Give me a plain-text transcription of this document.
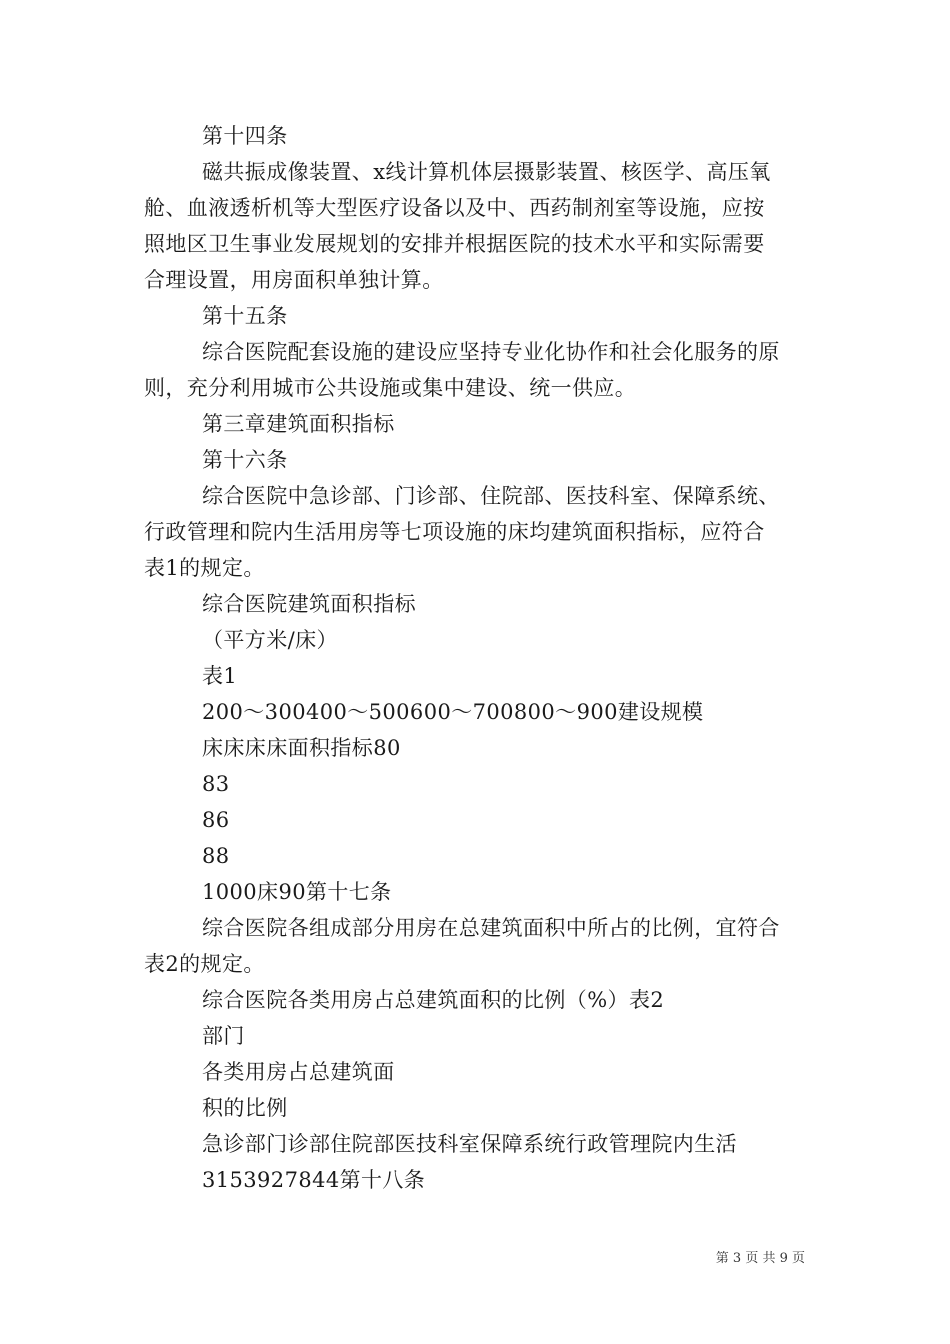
第十四条
磁共振成像装置、x线计算机体层摄影装置、核医学、高压氧
舱、血液透析机等大型医疗设备以及中、西药制剂室等设施，应按
照地区卫生事业发展规划的安排并根据医院的技术水平和实际需要
合理设置，用房面积单独计算。
第十五条
综合医院配套设施的建设应坚持专业化协作和社会化服务的原
则，充分利用城市公共设施或集中建设、统一供应。
第三章建筑面积指标
第十六条
综合医院中急诊部、门诊部、住院部、医技科室、保障系统、
行政管理和院内生活用房等七项设施的床均建筑面积指标，应符合
表1的规定。
综合医院建筑面积指标
（平方米/床）
表1
200～300400～500600～700800～900建设规模
床床床床面积指标80
83
86
88
1000床90第十七条
综合医院各组成部分用房在总建筑面积中所占的比例，宜符合
表2的规定。
综合医院各类用房占总建筑面积的比例（%）表2
部门
各类用房占总建筑面
积的比例
急诊部门诊部住院部医技科室保障系统行政管理院内生活
3153927844第十八条
第 3 页 共 9 页
